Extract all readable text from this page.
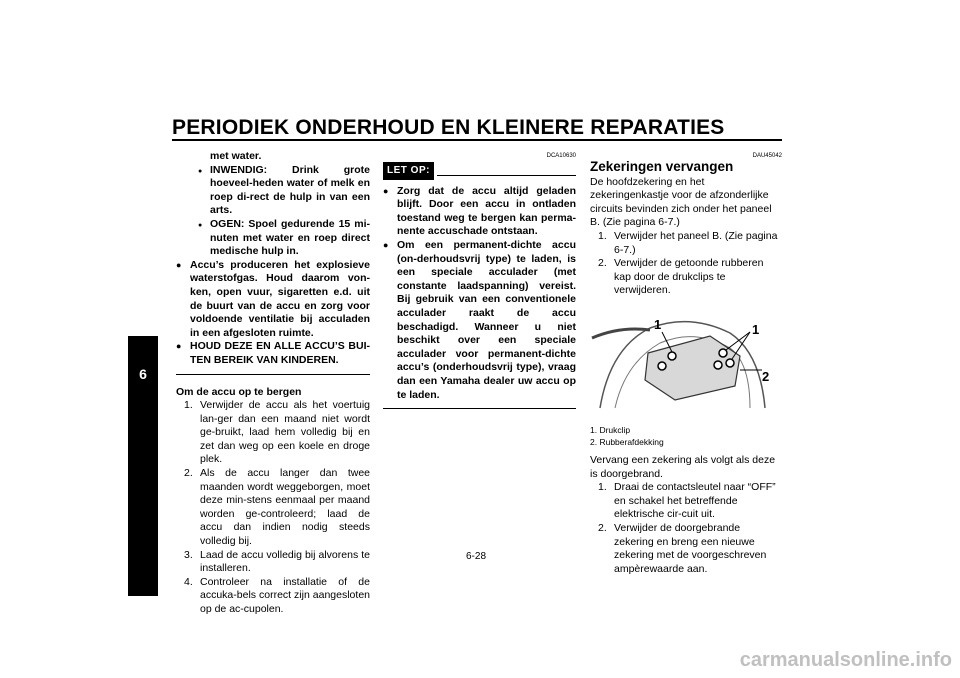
PERIODIEK ONDERHOUD EN KLEINERE REPARATIES
6
met water.
● INWENDIG: Drink grote hoeveel-heden water of melk en roep di-rect de hulp in van een arts.
● OGEN: Spoel gedurende 15 mi-nuten met water en roep direct medische hulp in.
● Accu’s produceren het explosieve waterstofgas. Houd daarom von-ken, open vuur, sigaretten e.d. uit de buurt van de accu en zorg voor voldoende ventilatie bij acculaden in een afgesloten ruimte.
● HOUD DEZE EN ALLE ACCU’S BUI-TEN BEREIK VAN KINDEREN.
Om de accu op te bergen
1. Verwijder de accu als het voertuig lan-ger dan een maand niet wordt ge-bruikt, laad hem volledig bij en zet dan weg op een koele en droge plek.
2. Als de accu langer dan twee maanden wordt weggeborgen, moet deze min-stens eenmaal per maand worden ge-controleerd; laad de accu dan indien nodig steeds volledig bij.
3. Laad de accu volledig bij alvorens te installeren.
4. Controleer na installatie of de accuka-bels correct zijn aangesloten op de ac-cupolen.
DCA10630
LET OP:
● Zorg dat de accu altijd geladen blijft. Door een accu in ontladen toestand weg te bergen kan perma-nente accuschade ontstaan.
● Om een permanent-dichte accu (on-derhoudsvrij type) te laden, is een speciale acculader (met constante laadspanning) vereist. Bij gebruik van een conventionele acculader raakt de accu beschadigd. Wanneer u niet beschikt over een speciale acculader voor permanent-dichte accu’s (onderhoudsvrij type), vraag dan een Yamaha dealer uw accu op te laden.
DAU45042
Zekeringen vervangen
De hoofdzekering en het zekeringenkastje voor de afzonderlijke circuits bevinden zich onder het paneel B. (Zie pagina 6-7.)
1. Verwijder het paneel B. (Zie pagina 6-7.)
2. Verwijder de getoonde rubberen kap door de drukclips te verwijderen.
1	1
2
1. Drukclip
2. Rubberafdekking
Vervang een zekering als volgt als deze is doorgebrand.
1. Draai de contactsleutel naar “OFF” en schakel het betreffende elektrische cir-cuit uit.
2. Verwijder de doorgebrande zekering en breng een nieuwe zekering met de voorgeschreven ampèrewaarde aan.
6-28
carmanualsonline.info
